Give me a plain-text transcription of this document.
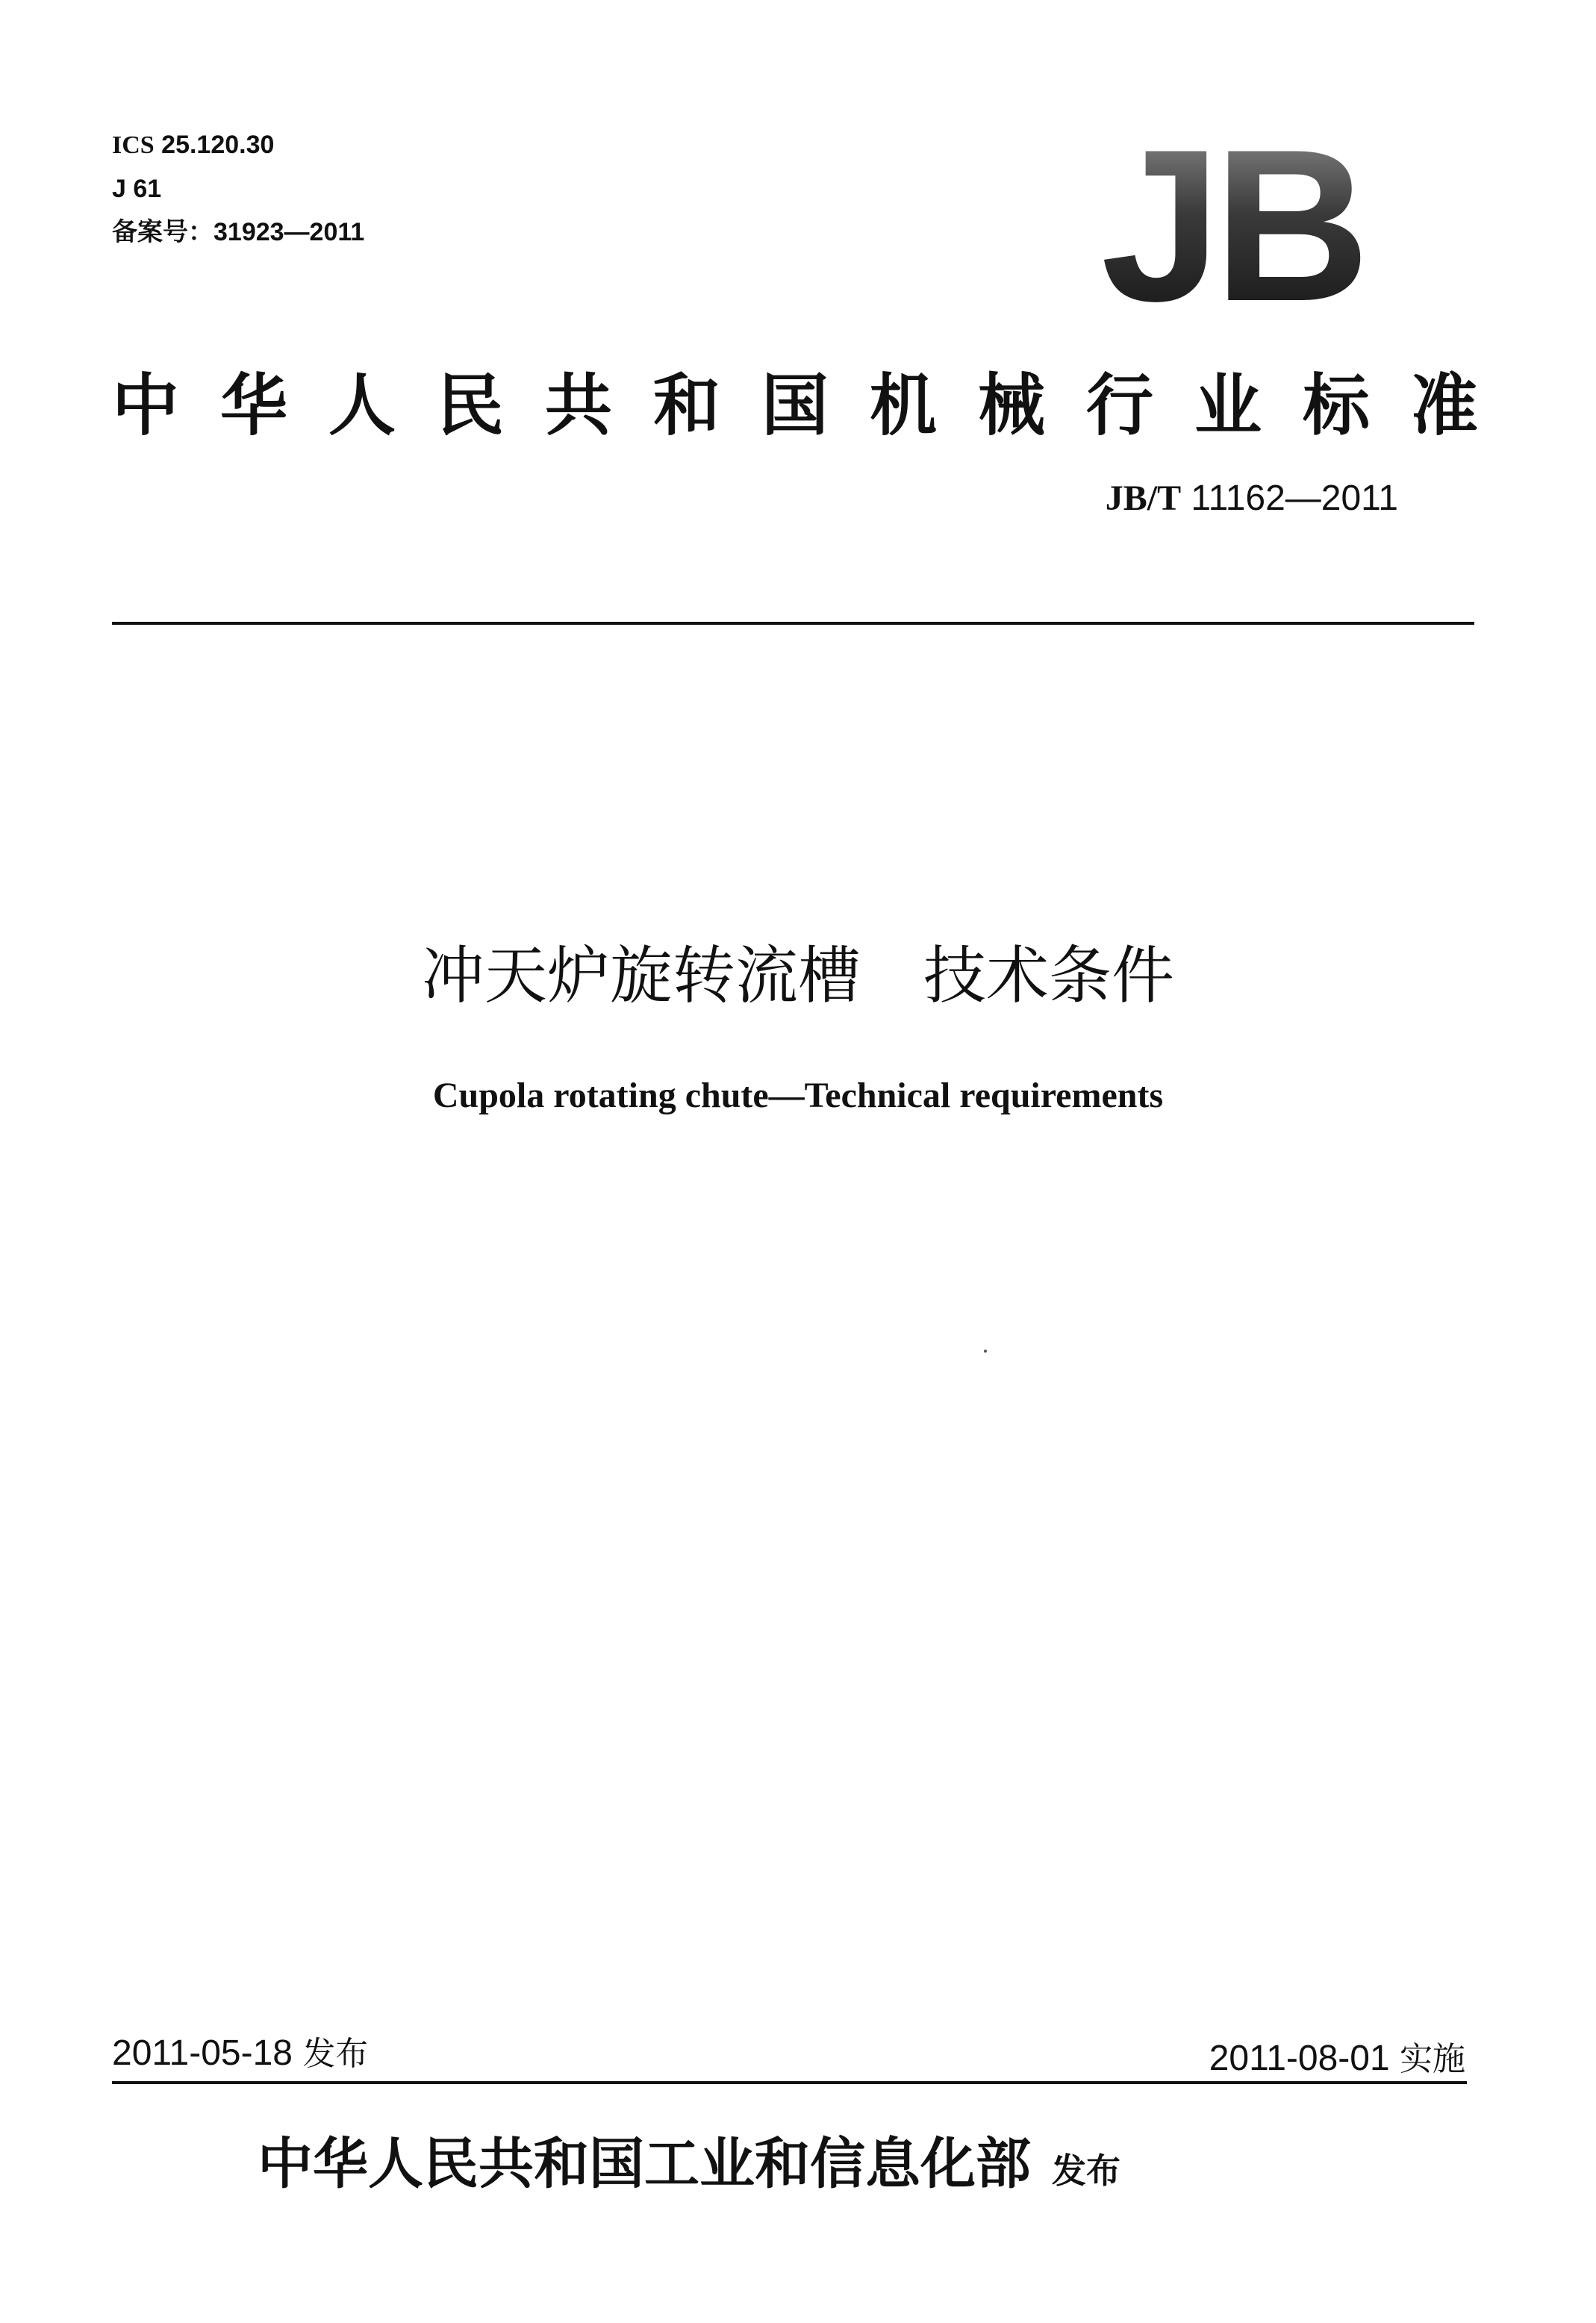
ICS 25.120.30
J 61
备案号：31923—2011	JB
中 华 人 民 共 和 国 机 械 行 业 标 准
JB/T 11162—2011
冲天炉旋转流槽　技术条件
Cupola rotating chute—Technical requirements
2011-05-18 发布	2011-08-01 实施
中华人民共和国工业和信息化部 发布
